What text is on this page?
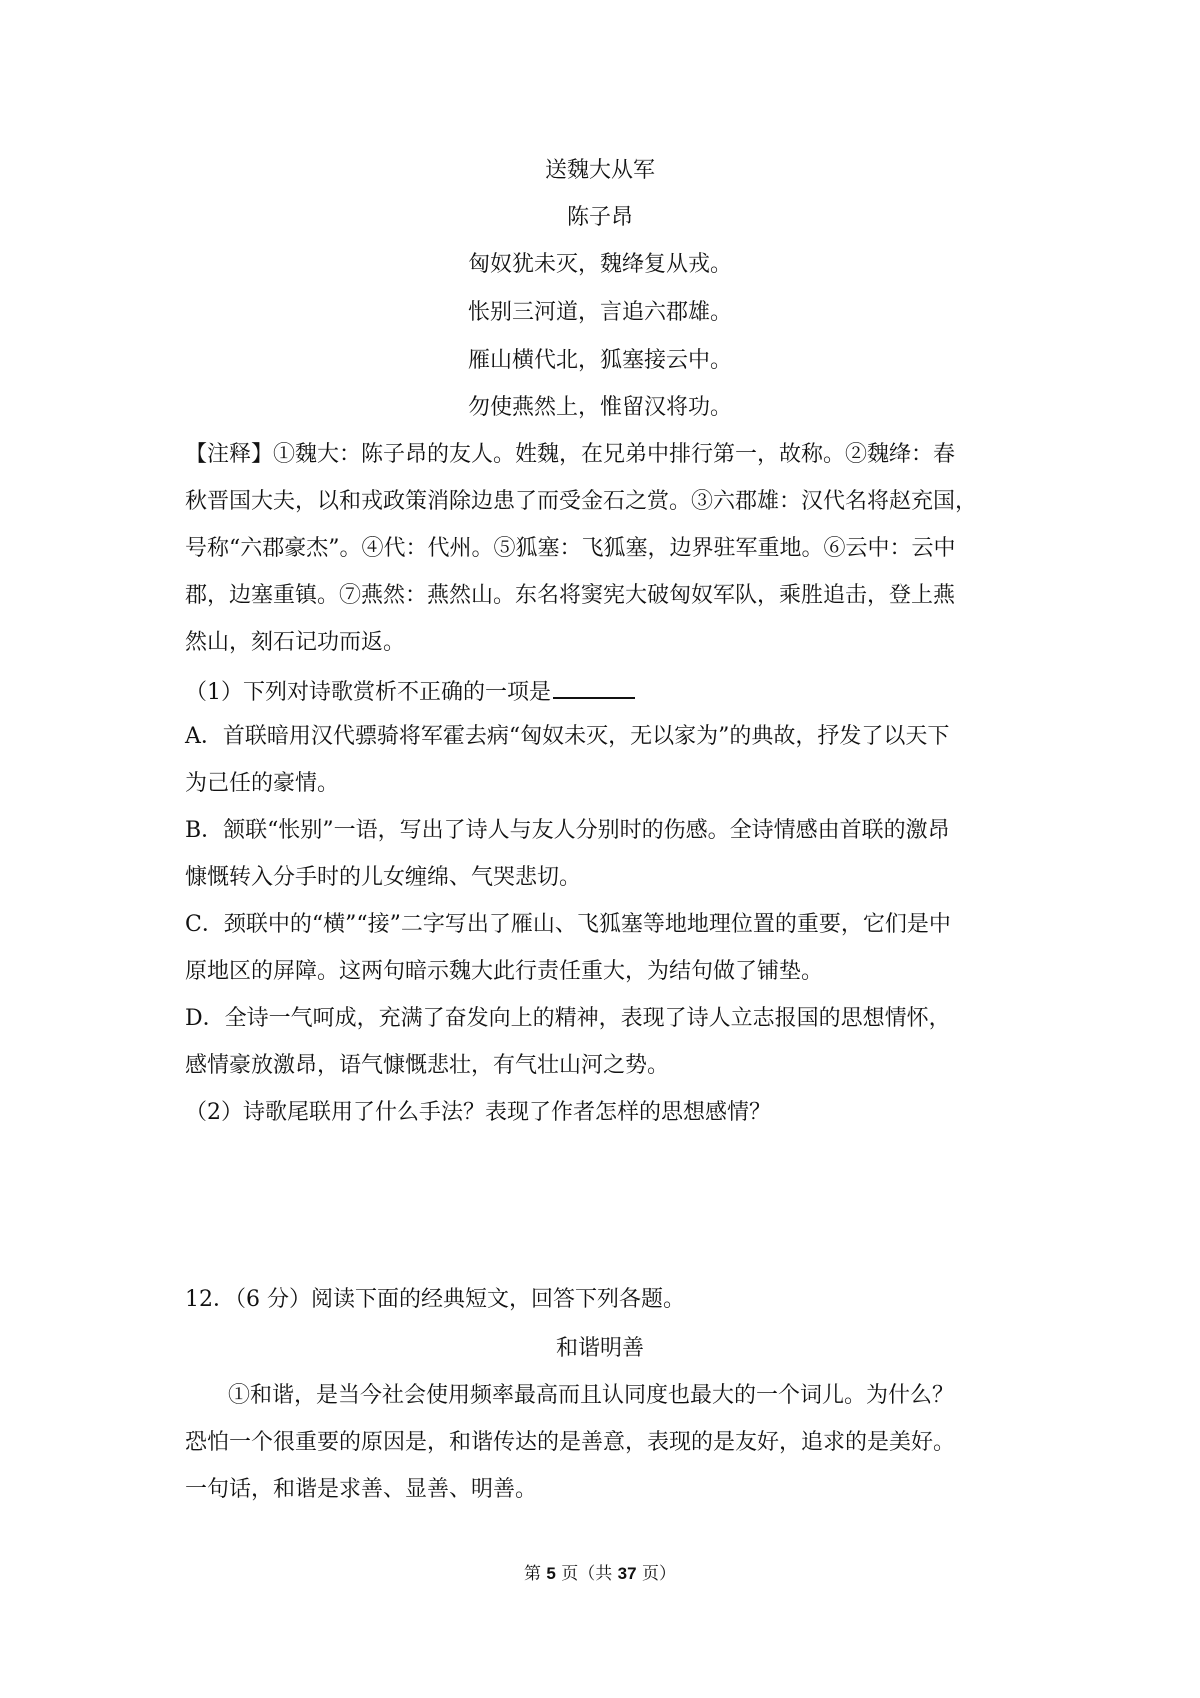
送魏大从军
陈子昂
匈奴犹未灭，魏绛复从戎。
怅别三河道，言追六郡雄。
雁山横代北，狐塞接云中。
勿使燕然上，惟留汉将功。
【注释】①魏大：陈子昂的友人。姓魏，在兄弟中排行第一，故称。②魏绛：春
秋晋国大夫，以和戎政策消除边患了而受金石之赏。③六郡雄：汉代名将赵充国，
号称“六郡豪杰”。④代：代州。⑤狐塞：飞狐塞，边界驻军重地。⑥云中：云中
郡，边塞重镇。⑦燕然：燕然山。东名将窦宪大破匈奴军队，乘胜追击，登上燕
然山，刻石记功而返。
（1）下列对诗歌赏析不正确的一项是
A．首联暗用汉代骠骑将军霍去病“匈奴未灭，无以家为”的典故，抒发了以天下
为己任的豪情。
B．颔联“怅别”一语，写出了诗人与友人分别时的伤感。全诗情感由首联的激昂
慷慨转入分手时的儿女缠绵、气哭悲切。
C．颈联中的“横”“接”二字写出了雁山、飞狐塞等地地理位置的重要，它们是中
原地区的屏障。这两句暗示魏大此行责任重大，为结句做了铺垫。
D．全诗一气呵成，充满了奋发向上的精神，表现了诗人立志报国的思想情怀，
感情豪放激昂，语气慷慨悲壮，有气壮山河之势。
（2）诗歌尾联用了什么手法？表现了作者怎样的思想感情？
12．（6 分）阅读下面的经典短文，回答下列各题。
和谐明善
①和谐，是当今社会使用频率最高而且认同度也最大的一个词儿。为什么？
恐怕一个很重要的原因是，和谐传达的是善意，表现的是友好，追求的是美好。
一句话，和谐是求善、显善、明善。
第 5 页（共 37 页）
